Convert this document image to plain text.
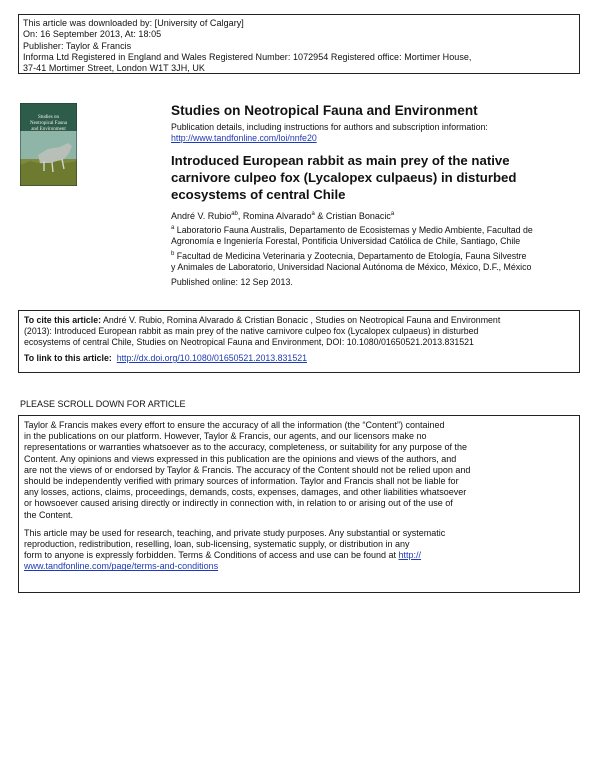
This article was downloaded by: [University of Calgary]
On: 16 September 2013, At: 18:05
Publisher: Taylor & Francis
Informa Ltd Registered in England and Wales Registered Number: 1072954 Registered office: Mortimer House,
37-41 Mortimer Street, London W1T 3JH, UK
Studies on
Neotropical Fauna
and Environment
Studies on Neotropical Fauna and Environment
Publication details, including instructions for authors and subscription information:
http://www.tandfonline.com/loi/nnfe20
Introduced European rabbit as main prey of the native
carnivore culpeo fox (Lycalopex culpaeus) in disturbed
ecosystems of central Chile
André V. Rubio$^{ab}$, Romina Alvarado$^a$ & Cristian Bonacic$^a$
$^a$ Laboratorio Fauna Australis, Departamento de Ecosistemas y Medio Ambiente, Facultad de
Agronomía e Ingeniería Forestal, Pontificia Universidad Católica de Chile, Santiago, Chile
$^b$ Facultad de Medicina Veterinaria y Zootecnia, Departamento de Etología, Fauna Silvestre
y Animales de Laboratorio, Universidad Nacional Autónoma de México, México, D.F., México
Published online: 12 Sep 2013.
To cite this article: André V. Rubio, Romina Alvarado & Cristian Bonacic , Studies on Neotropical Fauna and Environment
(2013): Introduced European rabbit as main prey of the native carnivore culpeo fox (Lycalopex culpaeus) in disturbed
ecosystems of central Chile, Studies on Neotropical Fauna and Environment, DOI: 10.1080/01650521.2013.831521
To link to this article: http://dx.doi.org/10.1080/01650521.2013.831521
PLEASE SCROLL DOWN FOR ARTICLE
Taylor & Francis makes every effort to ensure the accuracy of all the information (the “Content”) contained
in the publications on our platform. However, Taylor & Francis, our agents, and our licensors make no
representations or warranties whatsoever as to the accuracy, completeness, or suitability for any purpose of the
Content. Any opinions and views expressed in this publication are the opinions and views of the authors, and
are not the views of or endorsed by Taylor & Francis. The accuracy of the Content should not be relied upon and
should be independently verified with primary sources of information. Taylor and Francis shall not be liable for
any losses, actions, claims, proceedings, demands, costs, expenses, damages, and other liabilities whatsoever
or howsoever caused arising directly or indirectly in connection with, in relation to or arising out of the use of
the Content.
This article may be used for research, teaching, and private study purposes. Any substantial or systematic
reproduction, redistribution, reselling, loan, sub-licensing, systematic supply, or distribution in any
form to anyone is expressly forbidden. Terms & Conditions of access and use can be found at http://
www.tandfonline.com/page/terms-and-conditions
